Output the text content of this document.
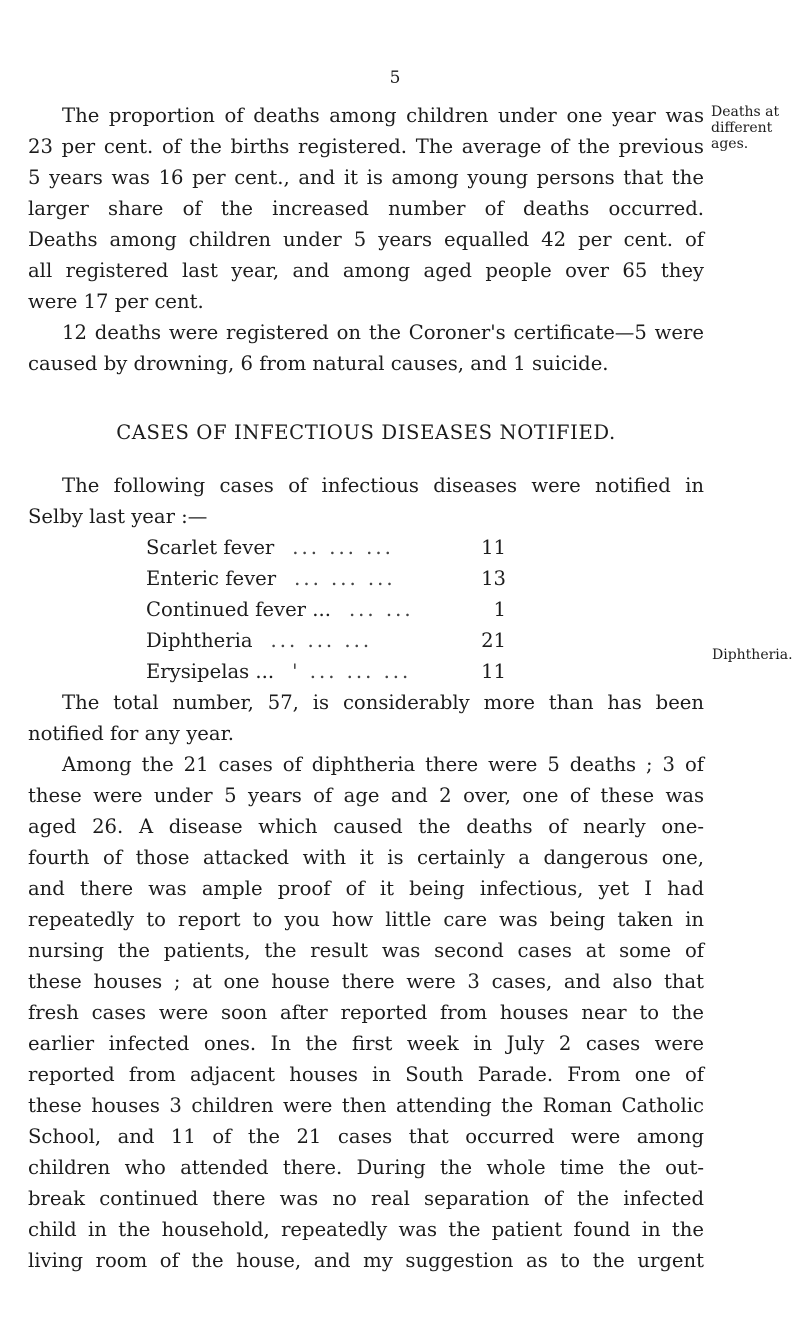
5
Deaths at
different ages.
Diphtheria.

The proportion of deaths among children under one year was
23 per cent. of the births registered. The average of the previous
5 years was 16 per cent., and it is among young persons that the
larger share of the increased number of deaths occurred.
Deaths among children under 5 years equalled 42 per cent. of
all registered last year, and among aged people over 65 they
were 17 per cent.

12 deaths were registered on the Coroner's certificate—5 were
caused by drowning, 6 from natural causes, and 1 suicide.

CASES OF INFECTIOUS DISEASES NOTIFIED.

The following cases of infectious diseases were notified in
Selby last year :—

Scarlet fever ... ... ...	11
Enteric fever ... ... ...	13
Continued fever ... ... ...	1
Diphtheria ... ... ...	21
Erysipelas ... ' ... ... ...	11

The total number, 57, is considerably more than has been
notified for any year.

Among the 21 cases of diphtheria there were 5 deaths ; 3 of
these were under 5 years of age and 2 over, one of these was
aged 26. A disease which caused the deaths of nearly one-
fourth of those attacked with it is certainly a dangerous one,
and there was ample proof of it being infectious, yet I had
repeatedly to report to you how little care was being taken in
nursing the patients, the result was second cases at some of
these houses ; at one house there were 3 cases, and also that
fresh cases were soon after reported from houses near to the
earlier infected ones. In the first week in July 2 cases were
reported from adjacent houses in South Parade. From one of
these houses 3 children were then attending the Roman Catholic
School, and 11 of the 21 cases that occurred were among
children who attended there. During the whole time the out-
break continued there was no real separation of the infected
child in the household, repeatedly was the patient found in the
living room of the house, and my suggestion as to the urgent
